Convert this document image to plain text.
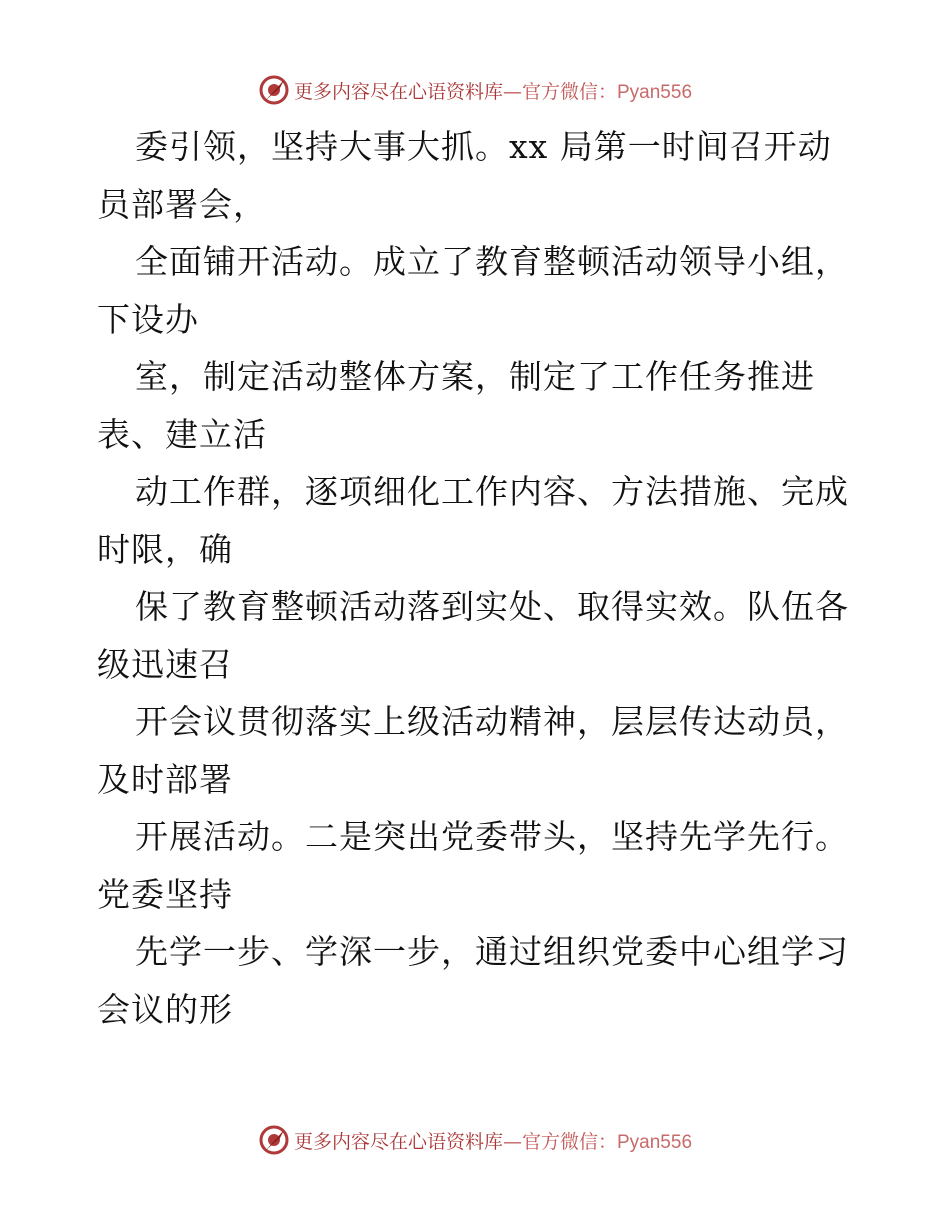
更多内容尽在心语资料库—官方微信：Pyan556

委引领，坚持大事大抓。xx 局第一时间召开动

员部署会，

全面铺开活动。成立了教育整顿活动领导小组，

下设办

室，制定活动整体方案，制定了工作任务推进

表、建立活

动工作群，逐项细化工作内容、方法措施、完成

时限，确

保了教育整顿活动落到实处、取得实效。队伍各

级迅速召

开会议贯彻落实上级活动精神，层层传达动员，

及时部署

开展活动。二是突出党委带头，坚持先学先行。

党委坚持

先学一步、学深一步，通过组织党委中心组学习

会议的形

更多内容尽在心语资料库—官方微信：Pyan556
